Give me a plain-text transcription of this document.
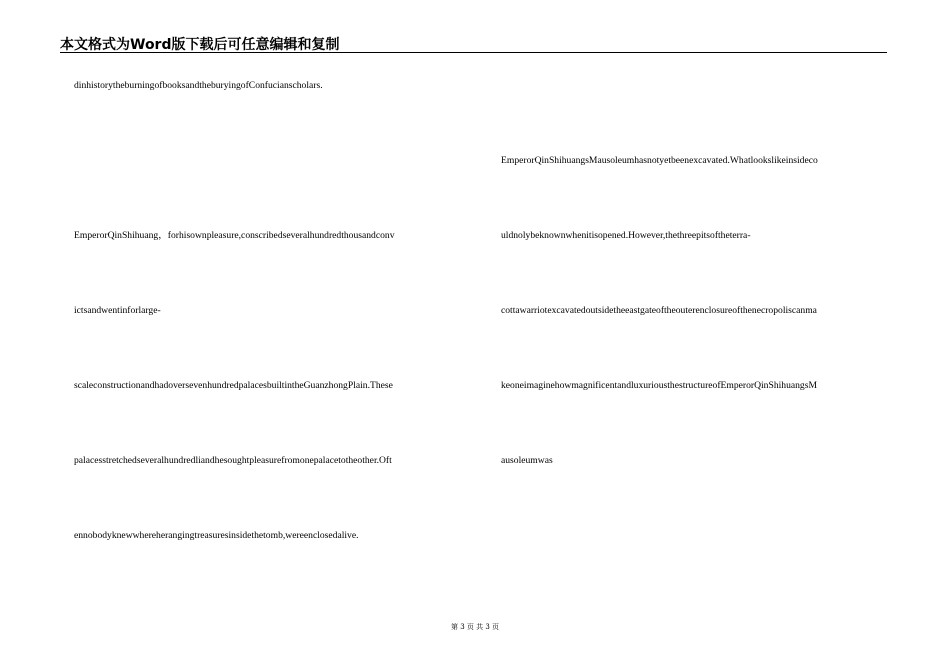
本文格式为Word版下载后可任意编辑和复制
dinhistorytheburningofbooksandtheburyingofConfucianscholars.
EmperorQinShihuang，forhisownpleasure,conscribedseveralhundredthousandconv
ictsandwentinforlarge-
scaleconstructionandhadoversevenhundredpalacesbuiltintheGuanzhongPlain.These
palacesstretchedseveralhundredliandhesoughtpleasurefromonepalacetotheother.Oft
ennobodyknewwhereherangingtreasuresinsidethetomb,wereenclosedalive.
EmperorQinShihuangsMausoleumhasnotyetbeenexcavated.Whatlookslikeinsideco
uldnolybeknownwhenitisopened.However,thethreepitsoftheterra-
cottawarriotexcavatedoutsidetheeastgateoftheouterenclosureofthenecropoliscanma
keoneimaginehowmagnificentandluxuriousthestructureofEmperorQinShihuangsM
ausoleumwas
第 3 页 共 3 页
